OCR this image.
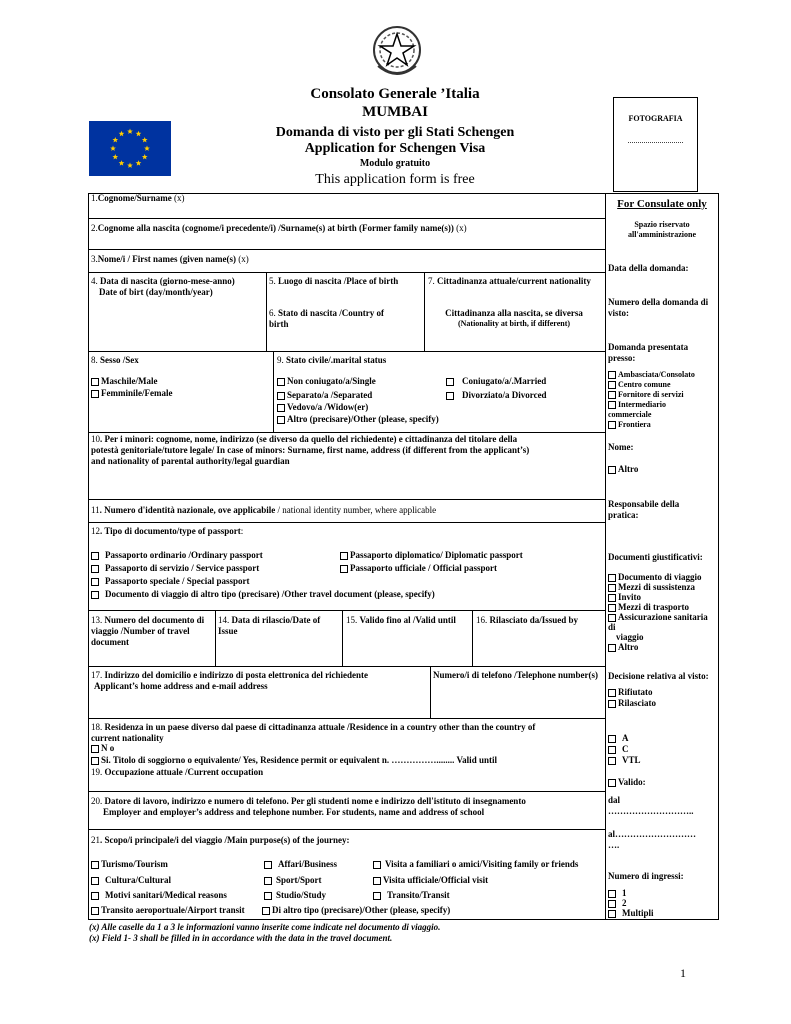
Consolato Generale ’Italia
MUMBAI
Domanda di visto per gli Stati Schengen
Application for Schengen Visa
Modulo gratuito
This application form is free
FOTOGRAFIA
............................
1.Cognome/Surname (x)
2.Cognome alla nascita (cognome/i precedente/i) /Surname(s) at birth (Former family name(s)) (x)
3.Nome/i / First names (given name(s) (x)
4. Data di nascita (giorno-mese-anno)
Date of birt (day/month/year)
5. Luogo di nascita /Place of birth
6. Stato di nascita /Country of
birth
7. Cittadinanza attuale/current nationality
Cittadinanza alla nascita, se diversa
(Nationality at birth, if different)
8. Sesso /Sex
Maschile/Male
Femminile/Female
9. Stato civile/.marital status
Non coniugato/a/Single	Coniugato/a/.Married
Separato/a /Separated	Divorziato/a Divorced
Vedovo/a /Widow(er)
Altro (precisare)/Other (please, specify)
10. Per i minori: cognome, nome, indirizzo (se diverso da quello del richiedente) e cittadinanza del titolare della
potestà genitoriale/tutore legale/ In case of minors: Surname, first name, address (if different from the applicant’s)
and nationality of parental authority/legal guardian
11. Numero d'identità nazionale, ove applicabile / national identity number, where applicable
12. Tipo di documento/type of passport:
Passaporto ordinario /Ordinary passport	Passaporto diplomatico/ Diplomatic passport
Passaporto di servizio / Service passport	Passaporto ufficiale / Official passport
Passaporto speciale / Special passport
Documento di viaggio di altro tipo (precisare) /Other travel document (please, specify)
13. Numero del documento di
viaggio /Number of travel
document
14. Data di rilascio/Date of
Issue
15. Valido fino al /Valid until 16. Rilasciato da/Issued by
17. Indirizzo del domicilio e indirizzo di posta elettronica del richiedente
Applicant’s home address and e-mail address
Numero/i di telefono /Telephone number(s)
18. Residenza in un paese diverso dal paese di cittadinanza attuale /Residence in a country other than the country of
current nationality
N o
Si. Titolo di soggiorno o equivalente/ Yes, Residence permit or equivalent n. ……………........ Valid until
19. Occupazione attuale /Current occupation
20. Datore di lavoro, indirizzo e numero di telefono. Per gli studenti nome e indirizzo dell'istituto di insegnamento
Employer and employer’s address and telephone number. For students, name and address of school
21. Scopo/i principale/i del viaggio /Main purpose(s) of the journey:
Turismo/Tourism	Affari/Business	Visita a familiari o amici/Visiting family or friends
Cultura/Cultural	Sport/Sport	Visita ufficiale/Official visit
Motivi sanitari/Medical reasons	Studio/Study	Transito/Transit
Transito aeroportuale/Airport transit	Di altro tipo (precisare)/Other (please, specify)
For Consulate only
Spazio riservato
all'amministrazione
Data della domanda:
Numero della domanda di
visto:
Domanda presentata
presso:
Ambasciata/Consolato
Centro comune
Fornitore di servizi
Intermediario
commerciale
Frontiera
Nome:
Altro
Responsabile della
pratica:
Documenti giustificativi:
Documento di viaggio
Mezzi di sussistenza
Invito
Mezzi di trasporto
Assicurazione sanitaria
di
viaggio
Altro
Decisione relativa al visto:
Rifiutato
Rilasciato
A
C
VTL
Valido:
dal
………………………..
al………………………
….
Numero di ingressi:
1
2
Multipli
(x) Alle caselle da 1 a 3 le informazioni vanno inserite come indicate nel documento di viaggio.
(x) Field 1- 3 shall be filled in in accordance with the data in the travel document.
1
